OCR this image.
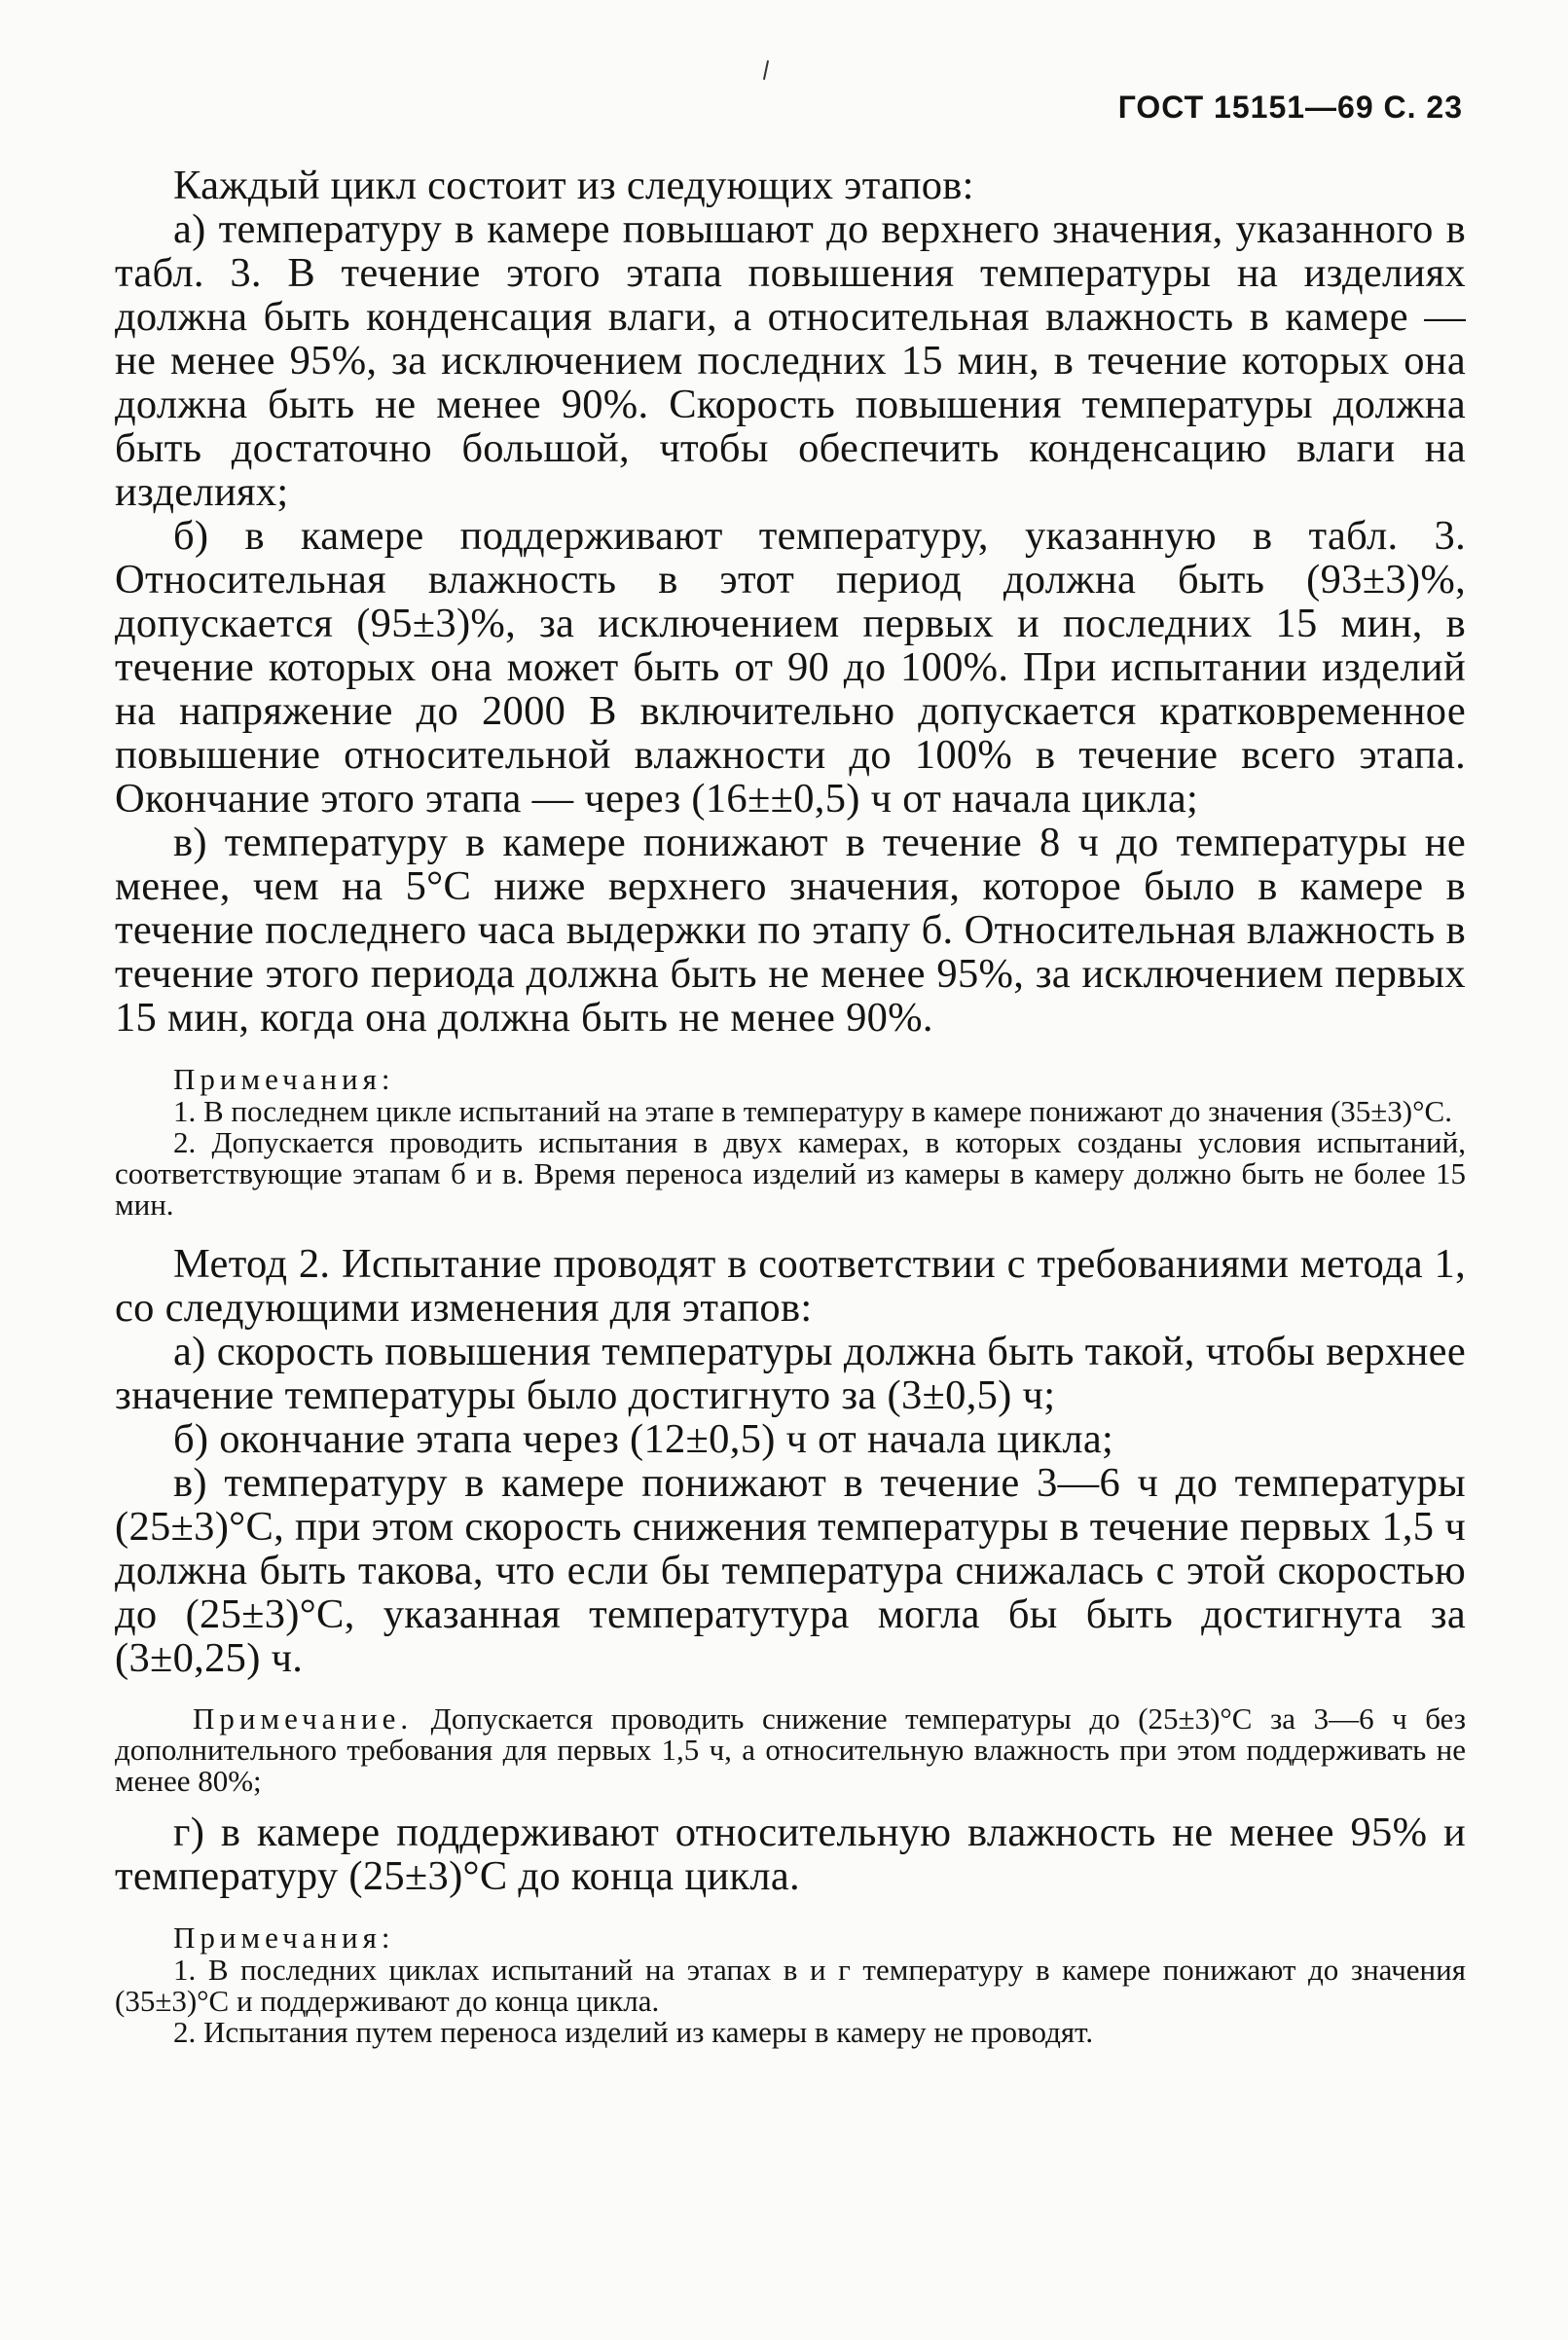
ГОСТ 15151—69 С. 23

Каждый цикл состоит из следующих этапов:

а) температуру в камере повышают до верхнего значения, указанного в табл. 3. В течение этого этапа повышения температуры на изделиях должна быть конденсация влаги, а относительная влажность в камере — не менее 95%, за исключением последних 15 мин, в течение которых она должна быть не менее 90%. Скорость повышения температуры должна быть достаточно большой, чтобы обеспечить конденсацию влаги на изделиях;

б) в камере поддерживают температуру, указанную в табл. 3. Относительная влажность в этот период должна быть (93±3)%, допускается (95±3)%, за исключением первых и последних 15 мин, в течение которых она может быть от 90 до 100%. При испытании изделий на напряжение до 2000 В включительно допускается кратковременное повышение относительной влажности до 100% в течение всего этапа. Окончание этого этапа — через (16±±0,5) ч от начала цикла;

в) температуру в камере понижают в течение 8 ч до температуры не менее, чем на 5°С ниже верхнего значения, которое было в камере в течение последнего часа выдержки по этапу б. Относительная влажность в течение этого периода должна быть не менее 95%, за исключением первых 15 мин, когда она должна быть не менее 90%.

Примечания:

1. В последнем цикле испытаний на этапе в температуру в камере понижают до значения (35±3)°С.

2. Допускается проводить испытания в двух камерах, в которых созданы условия испытаний, соответствующие этапам б и в. Время переноса изделий из камеры в камеру должно быть не более 15 мин.

Метод 2. Испытание проводят в соответствии с требованиями метода 1, со следующими изменения для этапов:

а) скорость повышения температуры должна быть такой, чтобы верхнее значение температуры было достигнуто за (3±0,5) ч;

б) окончание этапа через (12±0,5) ч от начала цикла;

в) температуру в камере понижают в течение 3—6 ч до температуры (25±3)°С, при этом скорость снижения температуры в течение первых 1,5 ч должна быть такова, что если бы температура снижалась с этой скоростью до (25±3)°С, указанная температутура могла бы быть достигнута за (3±0,25) ч.

Примечание. Допускается проводить снижение температуры до (25±3)°С за 3—6 ч без дополнительного требования для первых 1,5 ч, а относительную влажность при этом поддерживать не менее 80%;

г) в камере поддерживают относительную влажность не менее 95% и температуру (25±3)°С до конца цикла.

Примечания:

1. В последних циклах испытаний на этапах в и г температуру в камере понижают до значения (35±3)°С и поддерживают до конца цикла.

2. Испытания путем переноса изделий из камеры в камеру не проводят.
